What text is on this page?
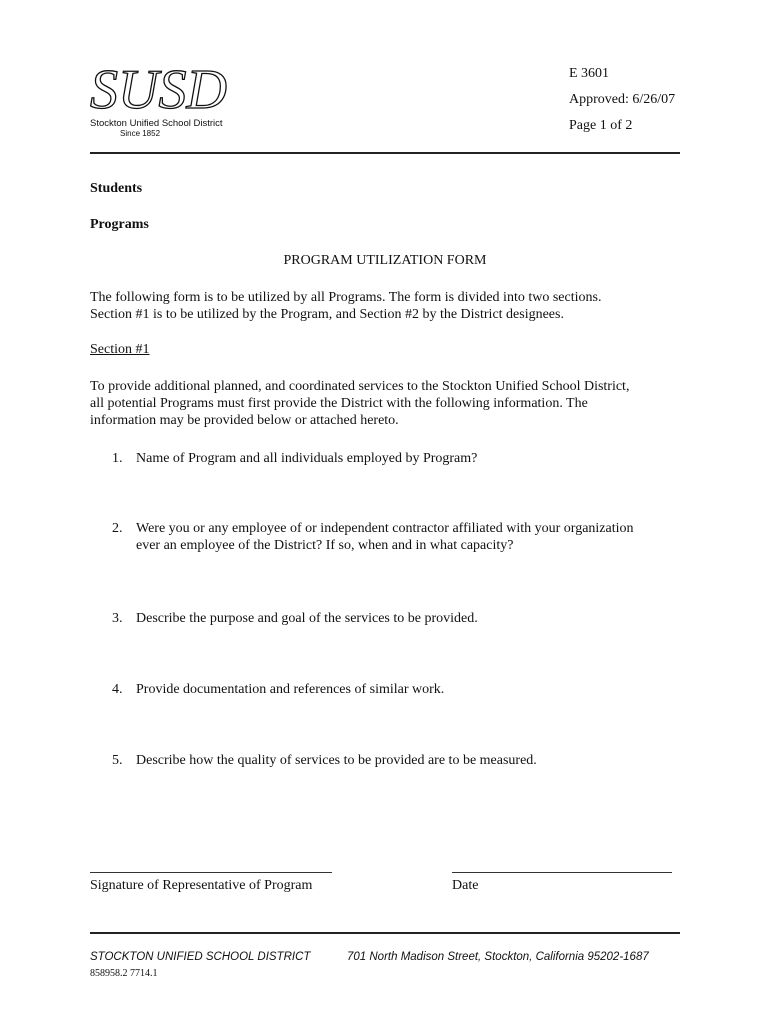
SUSD
Stockton Unified School District
Since 1852
E 3601
Approved: 6/26/07
Page 1 of 2
Students
Programs
PROGRAM UTILIZATION FORM
The following form is to be utilized by all Programs. The form is divided into two sections.
Section #1 is to be utilized by the Program, and Section #2 by the District designees.
Section #1
To provide additional planned, and coordinated services to the Stockton Unified School District,
all potential Programs must first provide the District with the following information. The
information may be provided below or attached hereto.
1. Name of Program and all individuals employed by Program?
2. Were you or any employee of or independent contractor affiliated with your organization
ever an employee of the District? If so, when and in what capacity?
3. Describe the purpose and goal of the services to be provided.
4. Provide documentation and references of similar work.
5. Describe how the quality of services to be provided are to be measured.
Signature of Representative of Program	Date
STOCKTON UNIFIED SCHOOL DISTRICT	701 North Madison Street, Stockton, California 95202-1687
858958.2 7714.1
